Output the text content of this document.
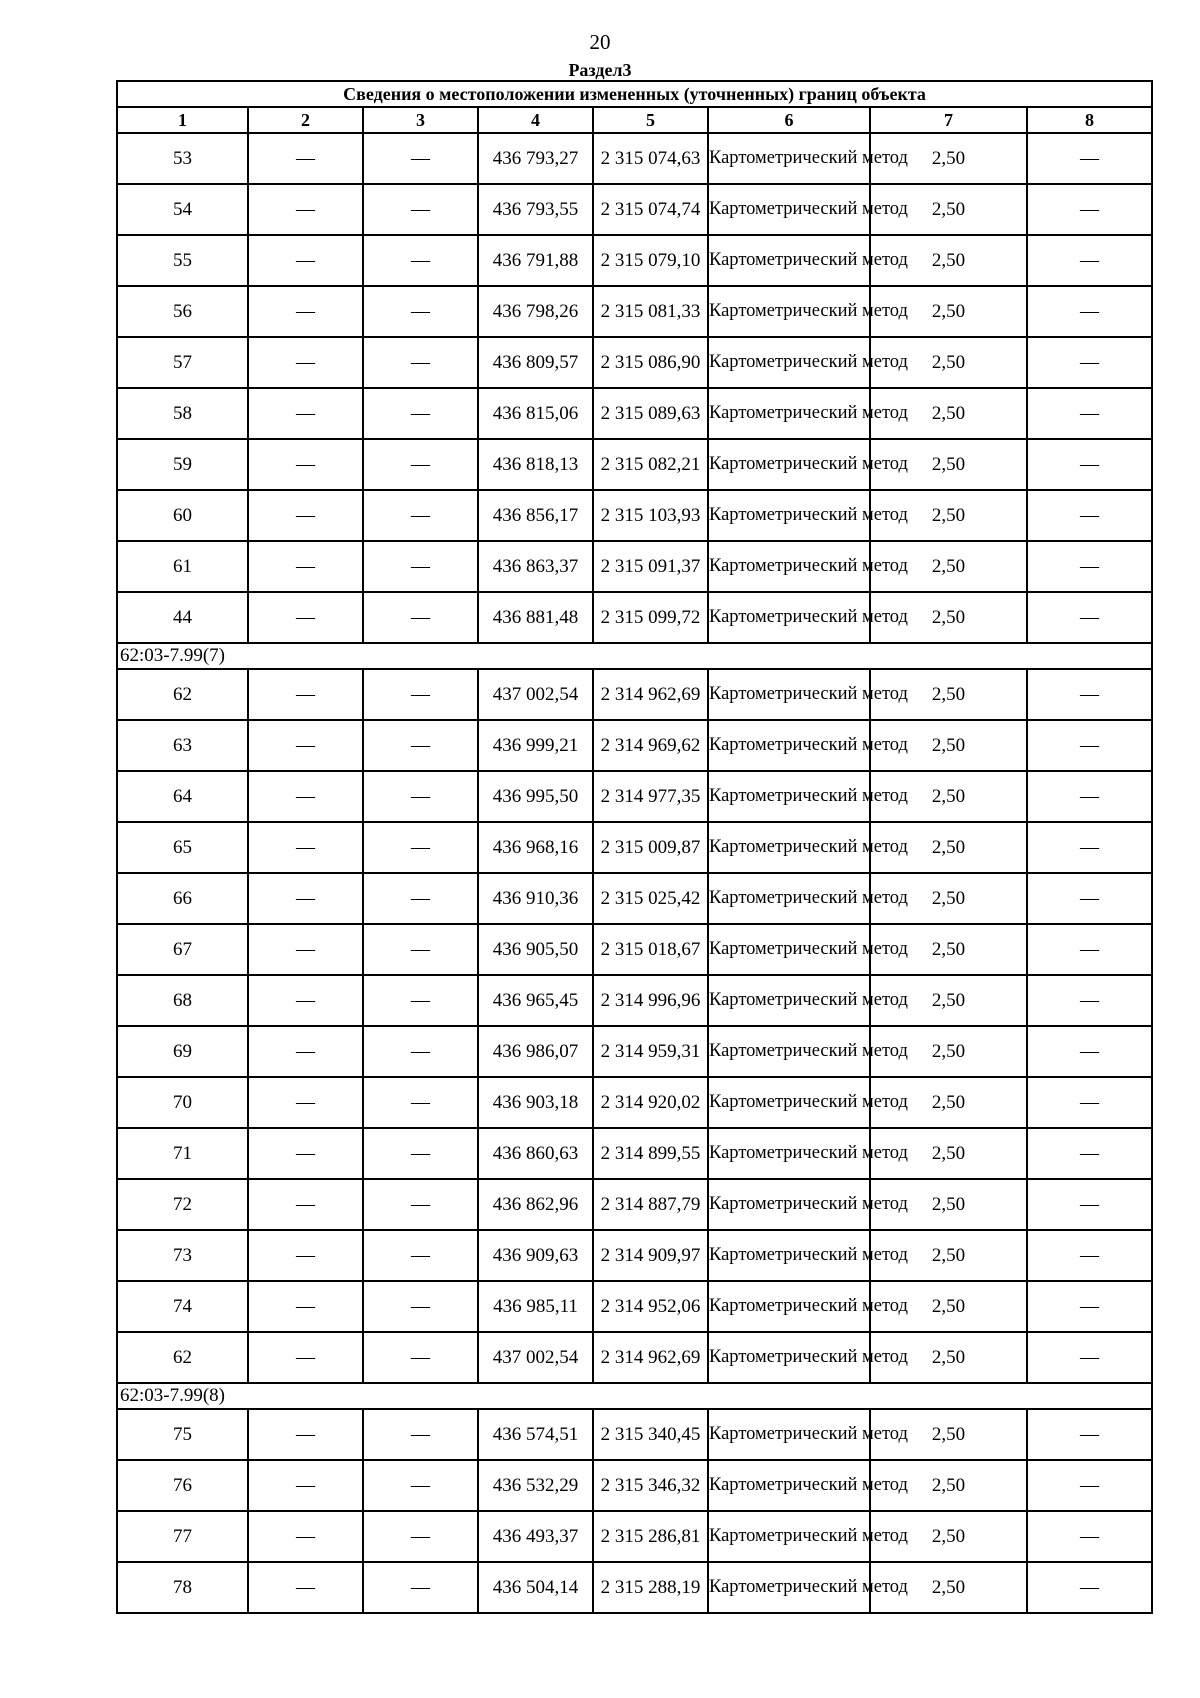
20
Раздел3
Сведения о местоположении измененных (уточненных) границ объекта							
1	2	3	4	5	6	7	8
53	—	—	436 793,27	2 315 074,63	Картометрический метод	2,50	—
54	—	—	436 793,55	2 315 074,74	Картометрический метод	2,50	—
55	—	—	436 791,88	2 315 079,10	Картометрический метод	2,50	—
56	—	—	436 798,26	2 315 081,33	Картометрический метод	2,50	—
57	—	—	436 809,57	2 315 086,90	Картометрический метод	2,50	—
58	—	—	436 815,06	2 315 089,63	Картометрический метод	2,50	—
59	—	—	436 818,13	2 315 082,21	Картометрический метод	2,50	—
60	—	—	436 856,17	2 315 103,93	Картометрический метод	2,50	—
61	—	—	436 863,37	2 315 091,37	Картометрический метод	2,50	—
44	—	—	436 881,48	2 315 099,72	Картометрический метод	2,50	—
62:03-7.99(7)							
62	—	—	437 002,54	2 314 962,69	Картометрический метод	2,50	—
63	—	—	436 999,21	2 314 969,62	Картометрический метод	2,50	—
64	—	—	436 995,50	2 314 977,35	Картометрический метод	2,50	—
65	—	—	436 968,16	2 315 009,87	Картометрический метод	2,50	—
66	—	—	436 910,36	2 315 025,42	Картометрический метод	2,50	—
67	—	—	436 905,50	2 315 018,67	Картометрический метод	2,50	—
68	—	—	436 965,45	2 314 996,96	Картометрический метод	2,50	—
69	—	—	436 986,07	2 314 959,31	Картометрический метод	2,50	—
70	—	—	436 903,18	2 314 920,02	Картометрический метод	2,50	—
71	—	—	436 860,63	2 314 899,55	Картометрический метод	2,50	—
72	—	—	436 862,96	2 314 887,79	Картометрический метод	2,50	—
73	—	—	436 909,63	2 314 909,97	Картометрический метод	2,50	—
74	—	—	436 985,11	2 314 952,06	Картометрический метод	2,50	—
62	—	—	437 002,54	2 314 962,69	Картометрический метод	2,50	—
62:03-7.99(8)							
75	—	—	436 574,51	2 315 340,45	Картометрический метод	2,50	—
76	—	—	436 532,29	2 315 346,32	Картометрический метод	2,50	—
77	—	—	436 493,37	2 315 286,81	Картометрический метод	2,50	—
78	—	—	436 504,14	2 315 288,19	Картометрический метод	2,50	—
